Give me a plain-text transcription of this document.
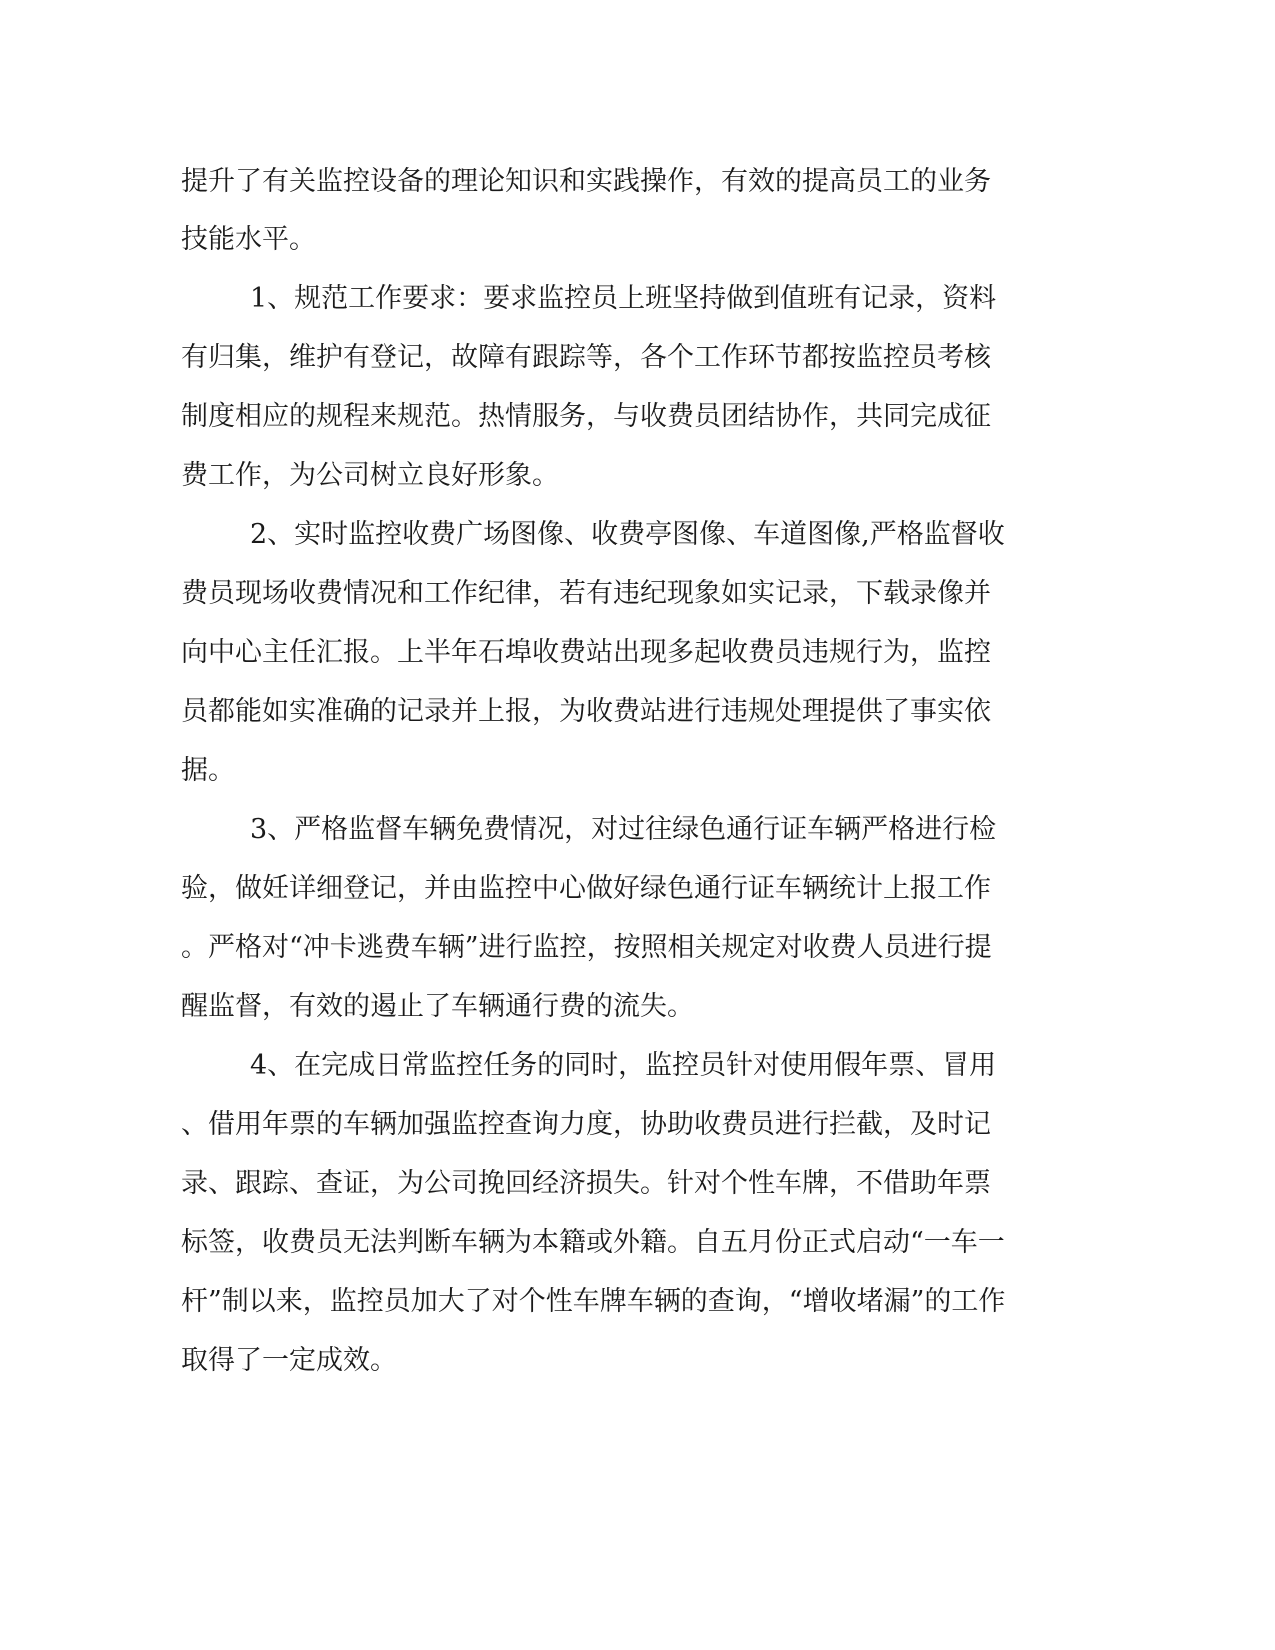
提升了有关监控设备的理论知识和实践操作，有效的提高员工的业务

技能水平。

1、规范工作要求：要求监控员上班坚持做到值班有记录，资料

有归集，维护有登记，故障有跟踪等，各个工作环节都按监控员考核

制度相应的规程来规范。热情服务，与收费员团结协作，共同完成征

费工作，为公司树立良好形象。

2、实时监控收费广场图像、收费亭图像、车道图像,严格监督收

费员现场收费情况和工作纪律，若有违纪现象如实记录，下载录像并

向中心主任汇报。上半年石埠收费站出现多起收费员违规行为，监控

员都能如实准确的记录并上报，为收费站进行违规处理提供了事实依

据。

3、严格监督车辆免费情况，对过往绿色通行证车辆严格进行检

验，做妊详细登记，并由监控中心做好绿色通行证车辆统计上报工作

。严格对“冲卡逃费车辆”进行监控，按照相关规定对收费人员进行提

醒监督，有效的遏止了车辆通行费的流失。

4、在完成日常监控任务的同时，监控员针对使用假年票、冒用

、借用年票的车辆加强监控查询力度，协助收费员进行拦截，及时记

录、跟踪、查证，为公司挽回经济损失。针对个性车牌，不借助年票

标签，收费员无法判断车辆为本籍或外籍。自五月份正式启动“一车一

杆”制以来，监控员加大了对个性车牌车辆的查询，“增收堵漏”的工作

取得了一定成效。
